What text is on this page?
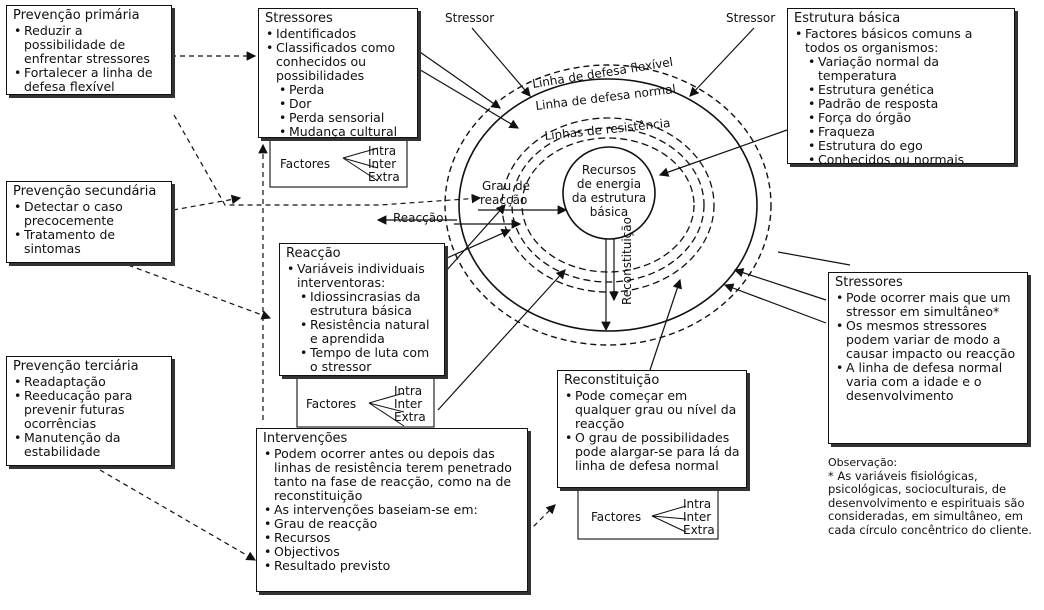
Linha de defesa flexível
Linha de defesa normal
Linhas de resistência
Recursos
de energia
da estrutura
básica
Grau de
reacção
Reacção	Reconstituição
Stressor	Stressor
Prevenção primária
• Reduzir a possibilidade de enfrentar stressores
• Fortalecer a linha de defesa flexível
Stressores
• Identificados
• Classificados como conhecidos ou possibilidades
• Perda
• Dor
• Perda sensorial
• Mudança cultural
Factores
Intra
Inter
Extra
Estrutura básica
• Factores básicos comuns a todos os organismos:
• Variação normal da temperatura
• Estrutura genética
• Padrão de resposta
• Força do órgão
• Fraqueza
• Estrutura do ego
• Conhecidos ou normais
Prevenção secundária
• Detectar o caso precocemente
• Tratamento de sintomas	Reacção
• Variáveis individuais interventoras:
• Idiossincrasias da estrutura básica
• Resistência natural e aprendida
• Tempo de luta com o stressor
Factores
Intra
Inter
Extra
Stressores
• Pode ocorrer mais que um stressor em simultâneo*
• Os mesmos stressores podem variar de modo a causar impacto ou reacção
• A linha de defesa normal varia com a idade e o desenvolvimento
Prevenção terciária
• Readaptação
• Reeducação para prevenir futuras ocorrências
• Manutenção da estabilidade
Intervenções
• Podem ocorrer antes ou depois das linhas de resistência terem penetrado tanto na fase de reacção, como na de reconstituição
• As intervenções baseiam-se em:
• Grau de reacção
• Recursos
• Objectivos
• Resultado previsto
Reconstituição
• Pode começar em qualquer grau ou nível da reacção
• O grau de possibilidades pode alargar-se para lá da linha de defesa normal
Factores
Intra
Inter
Extra
Observação:
* As variáveis fisiológicas, psicológicas, socioculturais, de desenvolvimento e espirituais são consideradas, em simultâneo, em cada círculo concêntrico do cliente.
